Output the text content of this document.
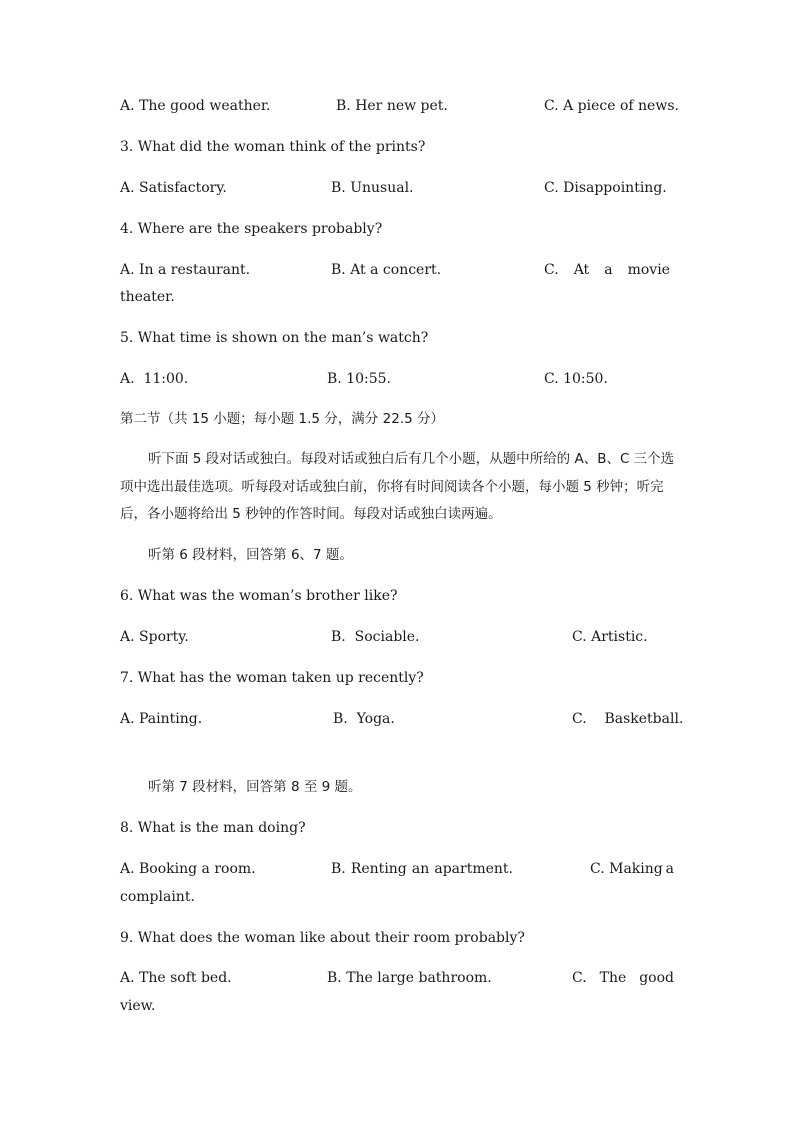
A. The good weather.	B. Her new pet.	C. A piece of news.
3. What did the woman think of the prints?
A. Satisfactory.	B. Unusual.	C. Disappointing.
4. Where are the speakers probably?
A. In a restaurant.	B. At a concert.	C. At a movie
theater.
5. What time is shown on the man’s watch?
A.  11:00.	B. 10:55.	C. 10:50.
第二节（共 15 小题；每小题 1.5 分，满分 22.5 分）
听下面 5 段对话或独白。每段对话或独白后有几个小题，从题中所给的 A、B、C 三个选项中选出最佳选项。听每段对话或独白前，你将有时间阅读各个小题，每小题 5 秒钟；听完后，各小题将给出 5 秒钟的作答时间。每段对话或独白读两遍。
听第 6 段材料，回答第 6、7 题。
6. What was the woman’s brother like?
A. Sporty.	B.  Sociable.	C. Artistic.
7. What has the woman taken up recently?
A. Painting.	B.  Yoga.	C.    Basketball.
听第 7 段材料，回答第 8 至 9 题。
8. What is the man doing?
A. Booking a room.	B. Renting an apartment.	C. Making a
complaint.
9. What does the woman like about their room probably?
A. The soft bed.	B. The large bathroom.	C. The good
view.
